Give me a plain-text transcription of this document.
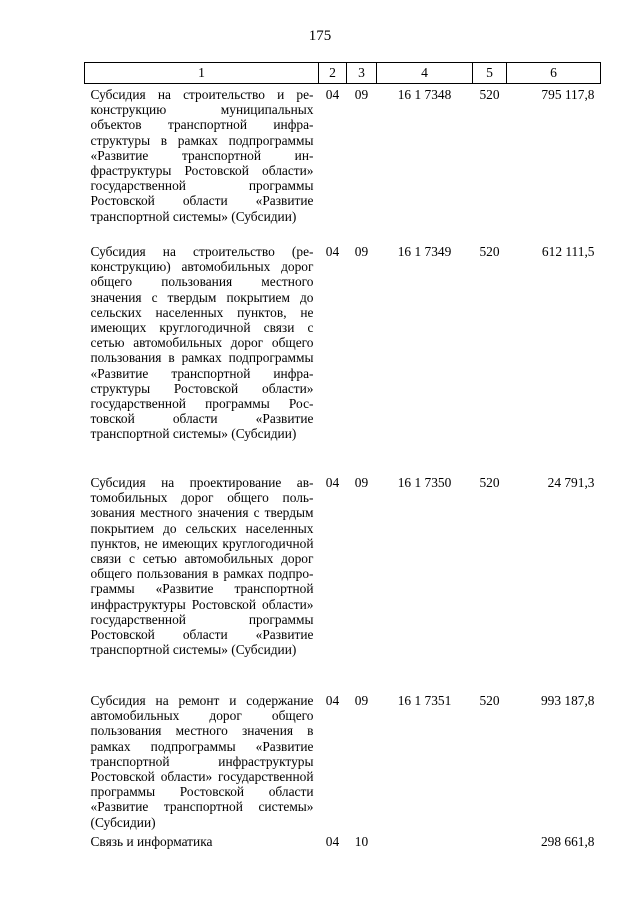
175
1	2	3	4	5	6
Субсидия на строительство и реконструкцию муниципальных объектов транспортной инфраструктуры в рамках подпрограммы «Развитие транспортной инфраструктуры Ростовской области» государственной программы Ростовской области «Развитие транспортной системы» (Субсидии)	04	09	16 1 7348	520	795 117,8
Субсидия на строительство (реконструкцию) автомобильных дорог общего пользования местного значения с твердым покрытием до сельских населенных пунктов, не имеющих круглогодичной связи с сетью автомобильных дорог общего пользования в рамках подпрограммы «Развитие транспортной инфраструктуры Ростовской области» государственной программы Ростовской области «Развитие транспортной системы» (Субсидии)	04	09	16 1 7349	520	612 111,5
Субсидия на проектирование автомобильных дорог общего пользования местного значения с твердым покрытием до сельских населенных пунктов, не имеющих круглогодичной связи с сетью автомобильных дорог общего пользования в рамках подпрограммы «Развитие транспортной инфраструктуры Ростовской области» государственной программы Ростовской области «Развитие транспортной системы» (Субсидии)	04	09	16 1 7350	520	24 791,3
Субсидия на ремонт и содержание автомобильных дорог общего пользования местного значения в рамках подпрограммы «Развитие транспортной инфраструктуры Ростовской области» государственной программы Ростовской области «Развитие транспортной системы» (Субсидии)	04	09	16 1 7351	520	993 187,8
Связь и информатика	04	10			298 661,8
